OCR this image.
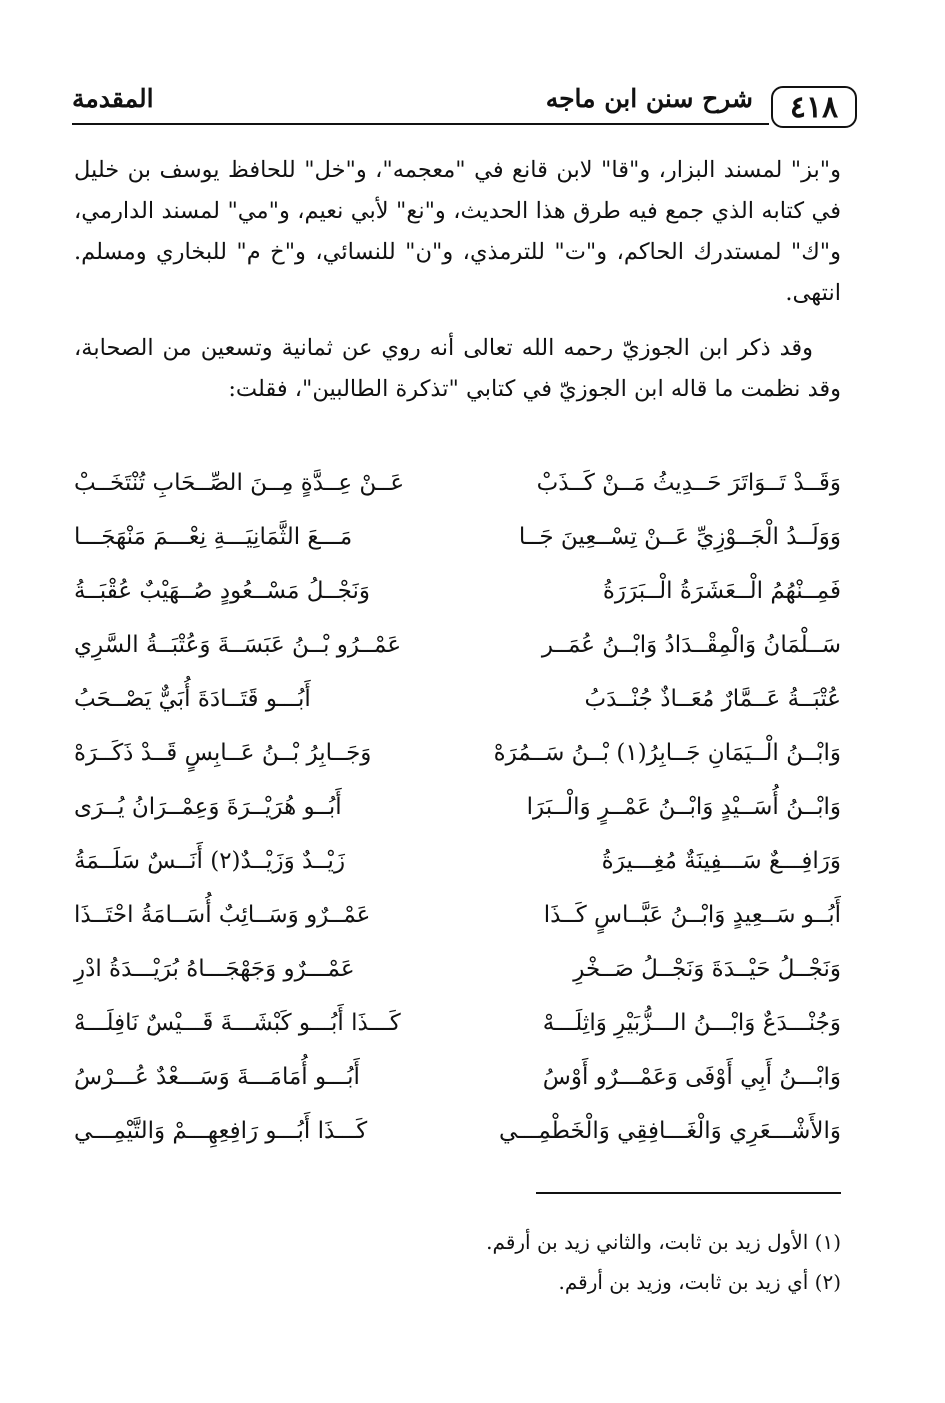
٤١٨
شرح سنن ابن ماجه
المقدمة

و"بز" لمسند البزار، و"قا" لابن قانع في "معجمه"، و"خل" للحافظ يوسف بن خليل في كتابه الذي جمع فيه طرق هذا الحديث، و"نع" لأبي نعيم، و"مي" لمسند الدارمي، و"ك" لمستدرك الحاكم، و"ت" للترمذي، و"ن" للنسائي، و"خ م" للبخاري ومسلم. انتهى.

وقد ذكر ابن الجوزيّ رحمه الله تعالى أنه روي عن ثمانية وتسعين من الصحابة، وقد نظمت ما قاله ابن الجوزيّ في كتابي "تذكرة الطالبين"، فقلت:

وَقَــدْ تَــوَاتَرَ حَــدِيثُ مَــنْ كَــذَبْ
عَــنْ عِــدَّةٍ مِــنَ الصِّــحَابِ تُنْتَخَــبْ
وَوَلَــدُ الْجَــوْزِيِّ عَــنْ تِسْــعِينَ جَــا
مَـــعَ الثَّمَانِيَـــةِ نِعْـــمَ مَنْهَجَـــا
فَمِــنْهُمُ الْــعَشَرَةُ الْــبَرَرَةُ
وَنَجْــلُ مَسْــعُودٍ صُــهَيْبٌ عُقْبَــةُ
سَــلْمَانُ وَالْمِقْــدَادُ وَابْــنُ عُمَــر
عَمْــرُو بْــنُ عَبَسَــةَ وَعُتْبَــةُ السَّرِي
عُتْبَــةُ عَــمَّارٌ مُعَــاذٌ جُنْــدَبُ
أَبُـــو قَتَــادَةَ أُبَيٌّ يَصْــحَبُ
وَابْــنُ الْــيَمَانِ جَــابِرُ(١) بْــنُ سَــمُرَهْ
وَجَــابِرُ بْــنُ عَــابِسٍ قَــدْ ذَكَــرَهْ
وَابْــنُ أُسَــيْدٍ وَابْــنُ عَمْــرٍ وَالْــبَرَا
أَبُــو هُرَيْــرَةَ وَعِمْــرَانُ يُــرَى
وَرَافِـــعٌ سَـــفِينَةٌ مُغِـــيرَةُ
زَيْــدٌ وَزَيْــدٌ(٢) أَنَــسٌ سَلَــمَةُ
أَبُــو سَــعِيدٍ وَابْــنُ عَبَّــاسٍ كَــذَا
عَمْــرٌو وَسَــائِبٌ أُسَــامَةُ احْتَــذَا
وَنَجْــلُ حَيْــدَةَ وَنَجْــلُ صَــخْرِ
عَمْـــرٌو وَجَهْجَـــاهُ بُرَيْـــدَةُ ادْرِ
وَجُنْـــدَعٌ وَابْـــنُ الـــزُّبَيْرِ وَاثِلَـــهْ
كَـــذَا أَبُـــو كَبْشَـــةَ قَـــيْسٌ نَافِلَـــهْ
وَابْـــنُ أَبِي أَوْفَى وَعَمْـــرٌو أَوْسُ
أَبُـــو أُمَامَـــةَ وَسَـــعْدٌ عُـــرْسُ
وَالأَشْـــعَرِي وَالْغَـــافِقِي وَالْخَطْمِـــي
كَـــذَا أَبُـــو رَافِعِهِـــمْ وَالتَّيْمِـــي

(١) الأول زيد بن ثابت، والثاني زيد بن أرقم.

(٢) أي زيد بن ثابت، وزيد بن أرقم.
